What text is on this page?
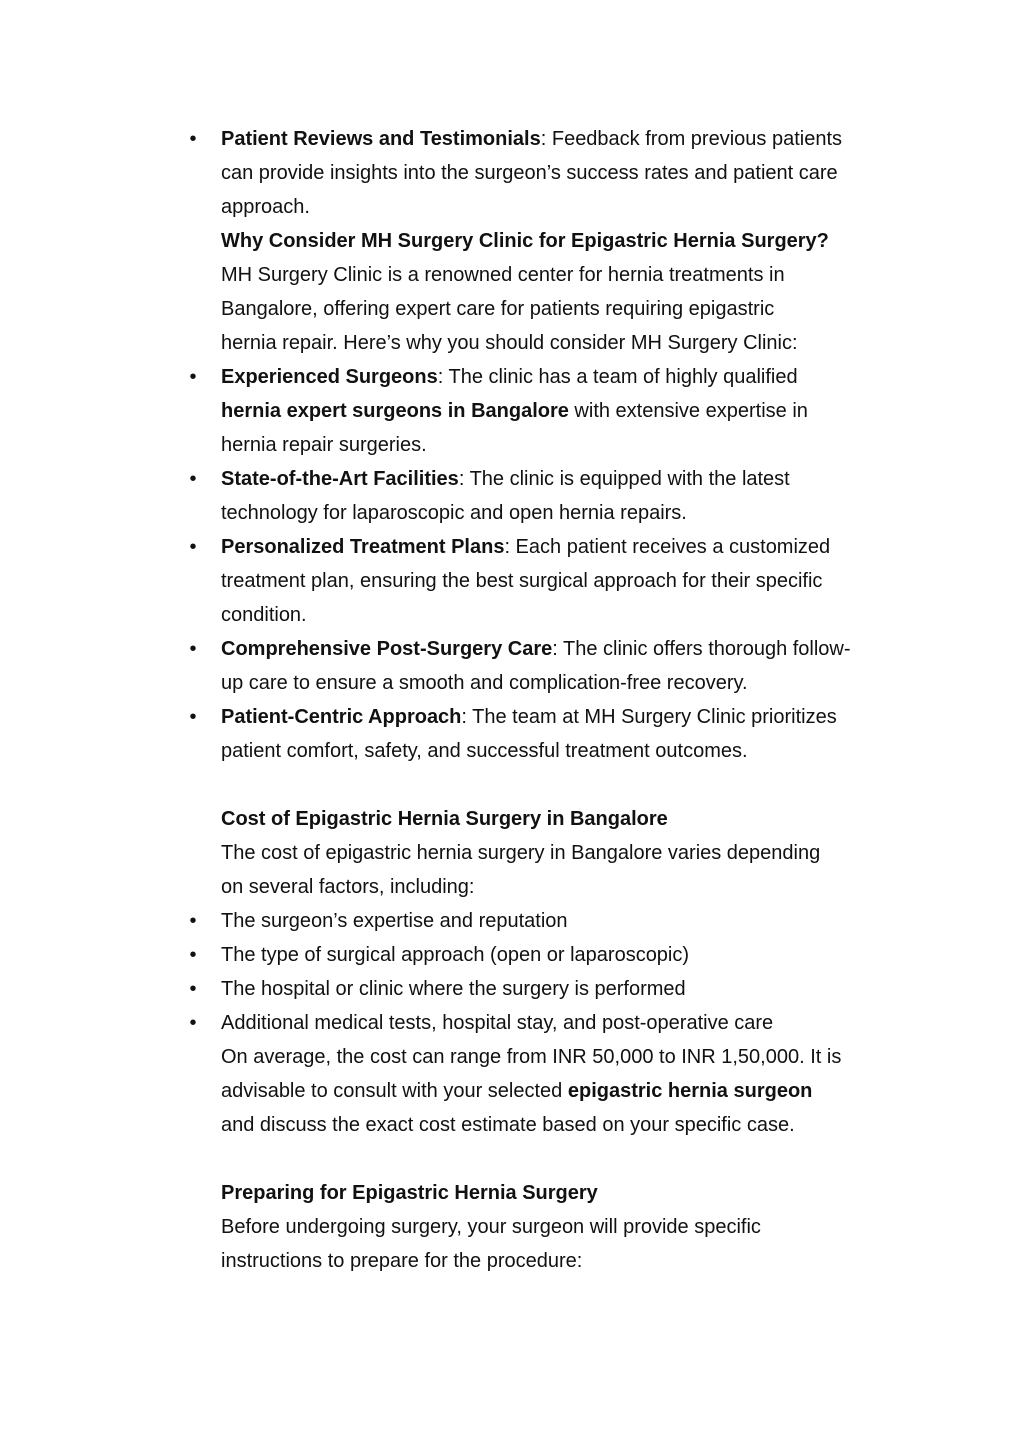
• Patient Reviews and Testimonials: Feedback from previous patients
can provide insights into the surgeon’s success rates and patient care
approach.
Why Consider MH Surgery Clinic for Epigastric Hernia Surgery?
MH Surgery Clinic is a renowned center for hernia treatments in
Bangalore, offering expert care for patients requiring epigastric
hernia repair. Here’s why you should consider MH Surgery Clinic:
• Experienced Surgeons: The clinic has a team of highly qualified
hernia expert surgeons in Bangalore with extensive expertise in
hernia repair surgeries.
• State-of-the-Art Facilities: The clinic is equipped with the latest
technology for laparoscopic and open hernia repairs.
• Personalized Treatment Plans: Each patient receives a customized
treatment plan, ensuring the best surgical approach for their specific
condition.
• Comprehensive Post-Surgery Care: The clinic offers thorough follow-
up care to ensure a smooth and complication-free recovery.
• Patient-Centric Approach: The team at MH Surgery Clinic prioritizes
patient comfort, safety, and successful treatment outcomes.
Cost of Epigastric Hernia Surgery in Bangalore
The cost of epigastric hernia surgery in Bangalore varies depending
on several factors, including:
• The surgeon’s expertise and reputation
• The type of surgical approach (open or laparoscopic)
• The hospital or clinic where the surgery is performed
• Additional medical tests, hospital stay, and post-operative care
On average, the cost can range from INR 50,000 to INR 1,50,000. It is
advisable to consult with your selected epigastric hernia surgeon
and discuss the exact cost estimate based on your specific case.
Preparing for Epigastric Hernia Surgery
Before undergoing surgery, your surgeon will provide specific
instructions to prepare for the procedure:
